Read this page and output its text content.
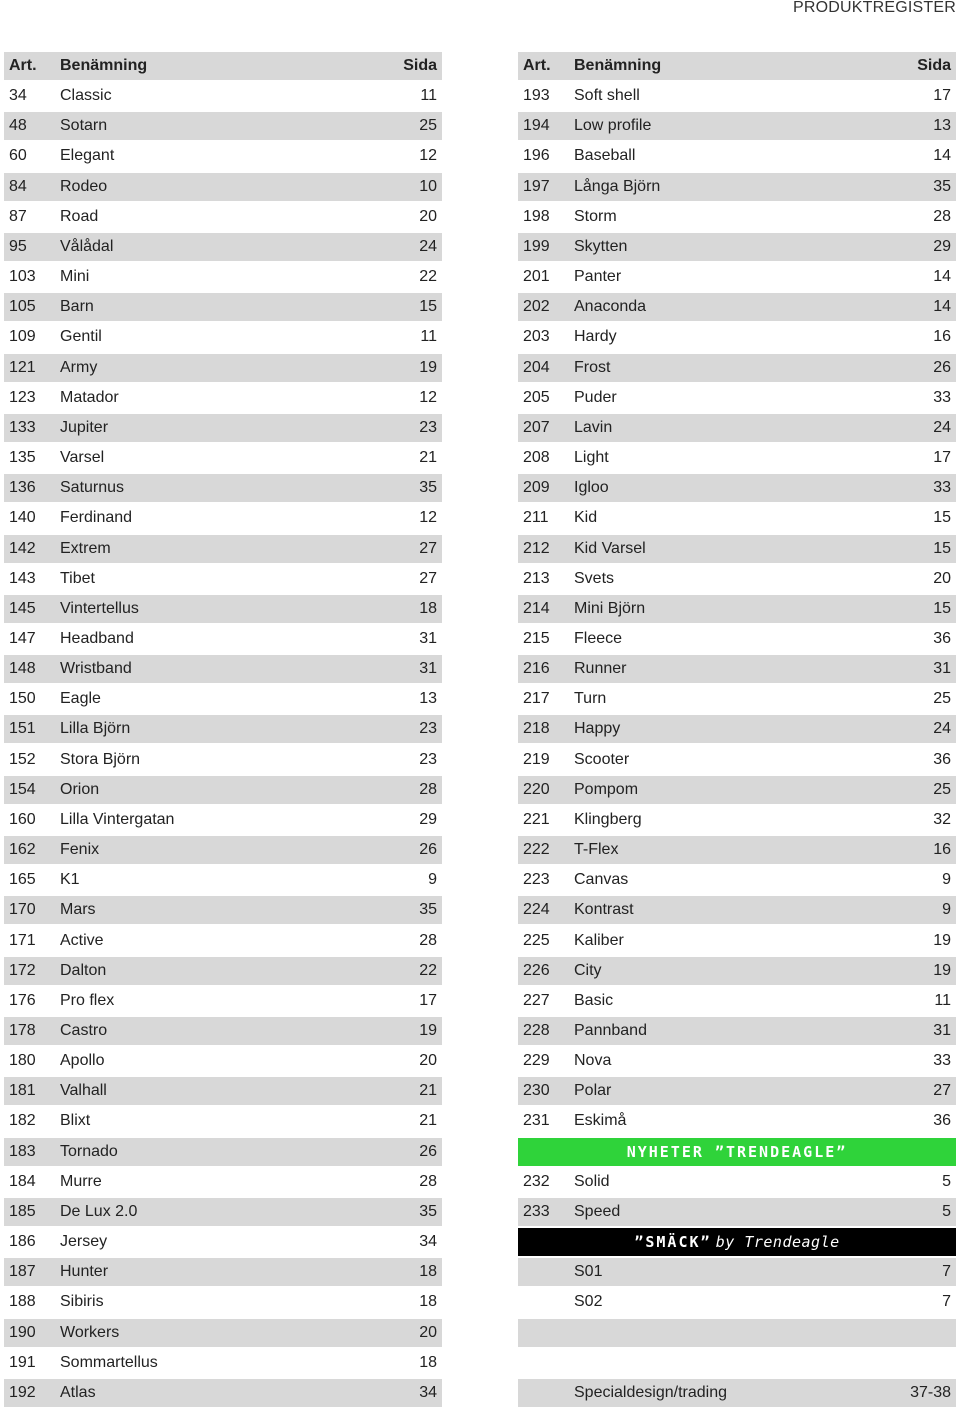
PRODUKTREGISTER
Art. Benämning	Sida
34 Classic	11
48 Sotarn	25
60 Elegant	12
84 Rodeo	10
87 Road	20
95 Vålådal	24
103 Mini	22
105 Barn	15
109 Gentil	11
121 Army	19
123 Matador	12
133 Jupiter	23
135 Varsel	21
136 Saturnus	35
140 Ferdinand	12
142 Extrem	27
143 Tibet	27
145 Vintertellus	18
147 Headband	31
148 Wristband	31
150 Eagle	13
151 Lilla Björn	23
152 Stora Björn	23
154 Orion	28
160 Lilla Vintergatan	29
162 Fenix	26
165 K1	9
170 Mars	35
171 Active	28
172 Dalton	22
176 Pro flex	17
178 Castro	19
180 Apollo	20
181 Valhall	21
182 Blixt	21
183 Tornado	26
184 Murre	28
185 De Lux 2.0	35
186 Jersey	34
187 Hunter	18
188 Sibiris	18
190 Workers	20
191 Sommartellus	18
192 Atlas	34
Art. Benämning	Sida
193 Soft shell	17
194 Low profile	13
196 Baseball	14
197 Långa Björn	35
198 Storm	28
199 Skytten	29
201 Panter	14
202 Anaconda	14
203 Hardy	16
204 Frost	26
205 Puder	33
207 Lavin	24
208 Light	17
209 Igloo	33
211 Kid	15
212 Kid Varsel	15
213 Svets	20
214 Mini Björn	15
215 Fleece	36
216 Runner	31
217 Turn	25
218 Happy	24
219 Scooter	36
220 Pompom	25
221 Klingberg	32
222 T-Flex	16
223 Canvas	9
224 Kontrast	9
225 Kaliber	19
226 City	19
227 Basic	11
228 Pannband	31
229 Nova	33
230 Polar	27
231 Eskimå	36
NYHETER ”TRENDEAGLE”
232 Solid	5
233 Speed	5
”SMÄCK” by Trendeagle
S01	7
S02	7
Specialdesign/trading	37-38
